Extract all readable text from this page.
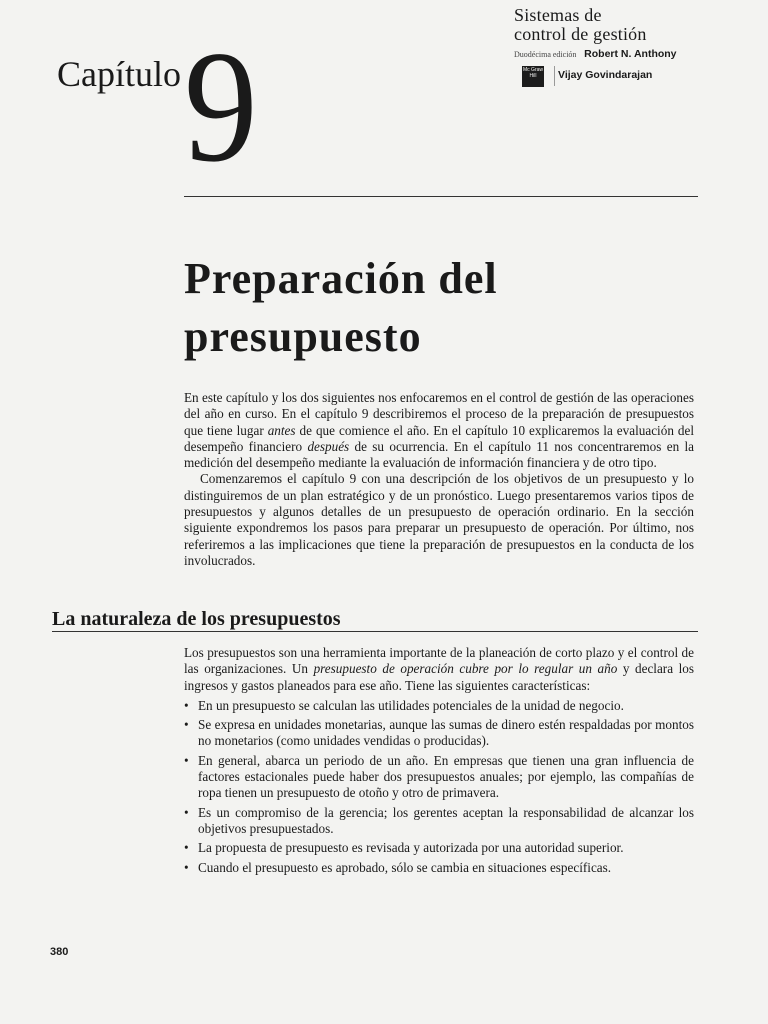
Sistemas de
control de gestión
Duodécima edición Robert N. Anthony
Mc Graw Hill	Vijay Govindarajan
Capítulo 9
Preparación del
presupuesto

En este capítulo y los dos siguientes nos enfocaremos en el control de gestión de las operaciones del año en curso. En el capítulo 9 describiremos el proceso de la preparación de presupuestos que tiene lugar antes de que comience el año. En el capítulo 10 explicaremos la evaluación del desempeño financiero después de su ocurrencia. En el capítulo 11 nos concentraremos en la medición del desempeño mediante la evaluación de información financiera y de otro tipo.

Comenzaremos el capítulo 9 con una descripción de los objetivos de un presupuesto y lo distinguiremos de un plan estratégico y de un pronóstico. Luego presentaremos varios tipos de presupuestos y algunos detalles de un presupuesto de operación ordinario. En la sección siguiente expondremos los pasos para preparar un presupuesto de operación. Por último, nos referiremos a las implicaciones que tiene la preparación de presupuestos en la conducta de los involucrados.

La naturaleza de los presupuestos

Los presupuestos son una herramienta importante de la planeación de corto plazo y el control de las organizaciones. Un presupuesto de operación cubre por lo regular un año y declara los ingresos y gastos planeados para ese año. Tiene las siguientes características:

• En un presupuesto se calculan las utilidades potenciales de la unidad de negocio.
• Se expresa en unidades monetarias, aunque las sumas de dinero estén respaldadas por montos no monetarios (como unidades vendidas o producidas).
• En general, abarca un periodo de un año. En empresas que tienen una gran influencia de factores estacionales puede haber dos presupuestos anuales; por ejemplo, las compañías de ropa tienen un presupuesto de otoño y otro de primavera.
• Es un compromiso de la gerencia; los gerentes aceptan la responsabilidad de alcanzar los objetivos presupuestados.
• La propuesta de presupuesto es revisada y autorizada por una autoridad superior.
• Cuando el presupuesto es aprobado, sólo se cambia en situaciones específicas.
380
